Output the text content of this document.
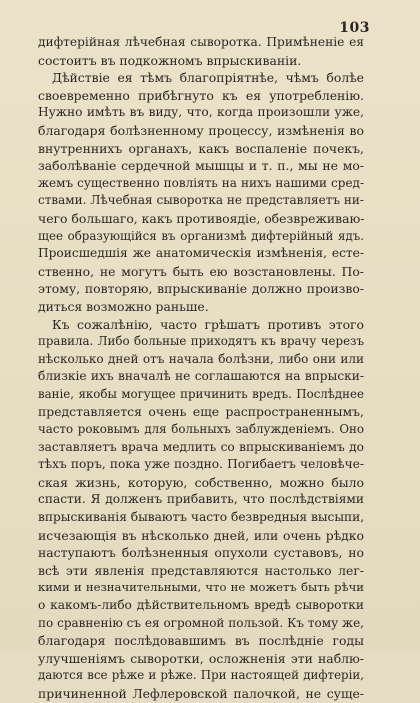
103
дифтерійная лѣчебная сыворотка. Примѣненіе ея
состоитъ въ подкожномъ впрыскиваніи.
Дѣйствіе ея тѣмъ благопріятнѣе, чѣмъ болѣе
своевременно прибѣгнуто къ ея употребленію.
Нужно имѣть въ виду, что, когда произошли уже,
благодаря болѣзненному процессу, измѣненія во
внутреннихъ органахъ, какъ воспаленіе почекъ,
заболѣваніе сердечной мышцы и т. п., мы не мо-
жемъ существенно повліять на нихъ нашими сред-
ствами. Лѣчебная сыворотка не представляетъ ни-
чего большаго, какъ противоядіе, обезвреживаю-
щее образующійся въ организмѣ дифтерійный ядъ.
Происшедшія же анатомическія измѣненія, есте-
ственно, не могутъ быть ею возстановлены. По-
этому, повторяю, впрыскиваніе должно произво-
диться возможно раньше.
Къ сожалѣнію, часто грѣшатъ противъ этого
правила. Либо больные приходятъ къ врачу черезъ
нѣсколько дней отъ начала болѣзни, либо они или
близкіе ихъ вначалѣ не соглашаются на впрыски-
ваніе, якобы могущее причинить вредъ. Послѣднее
представляется очень еще распространеннымъ,
часто роковымъ для больныхъ заблужденіемъ. Оно
заставляетъ врача медлить со впрыскиваніемъ до
тѣхъ поръ, пока уже поздно. Погибаетъ человѣче-
ская жизнь, которую, собственно, можно было
спасти. Я долженъ прибавить, что послѣдствіями
впрыскиванія бываютъ часто безвредныя высыпи,
исчезающія въ нѣсколько дней, или очень рѣдко
наступаютъ болѣзненныя опухоли суставовъ, но
всѣ эти явленія представляются настолько лег-
кими и незначительными, что не можетъ быть рѣчи
о какомъ-либо дѣйствительномъ вредѣ сыворотки
по сравненію съ ея огромной пользой. Къ тому же,
благодаря послѣдовавшимъ въ послѣдніе годы
улучшеніямъ сыворотки, осложненія эти наблю-
даются все рѣже и рѣже. При настоящей дифтеріи,
причиненной Лефлеровской палочкой, не суще-
